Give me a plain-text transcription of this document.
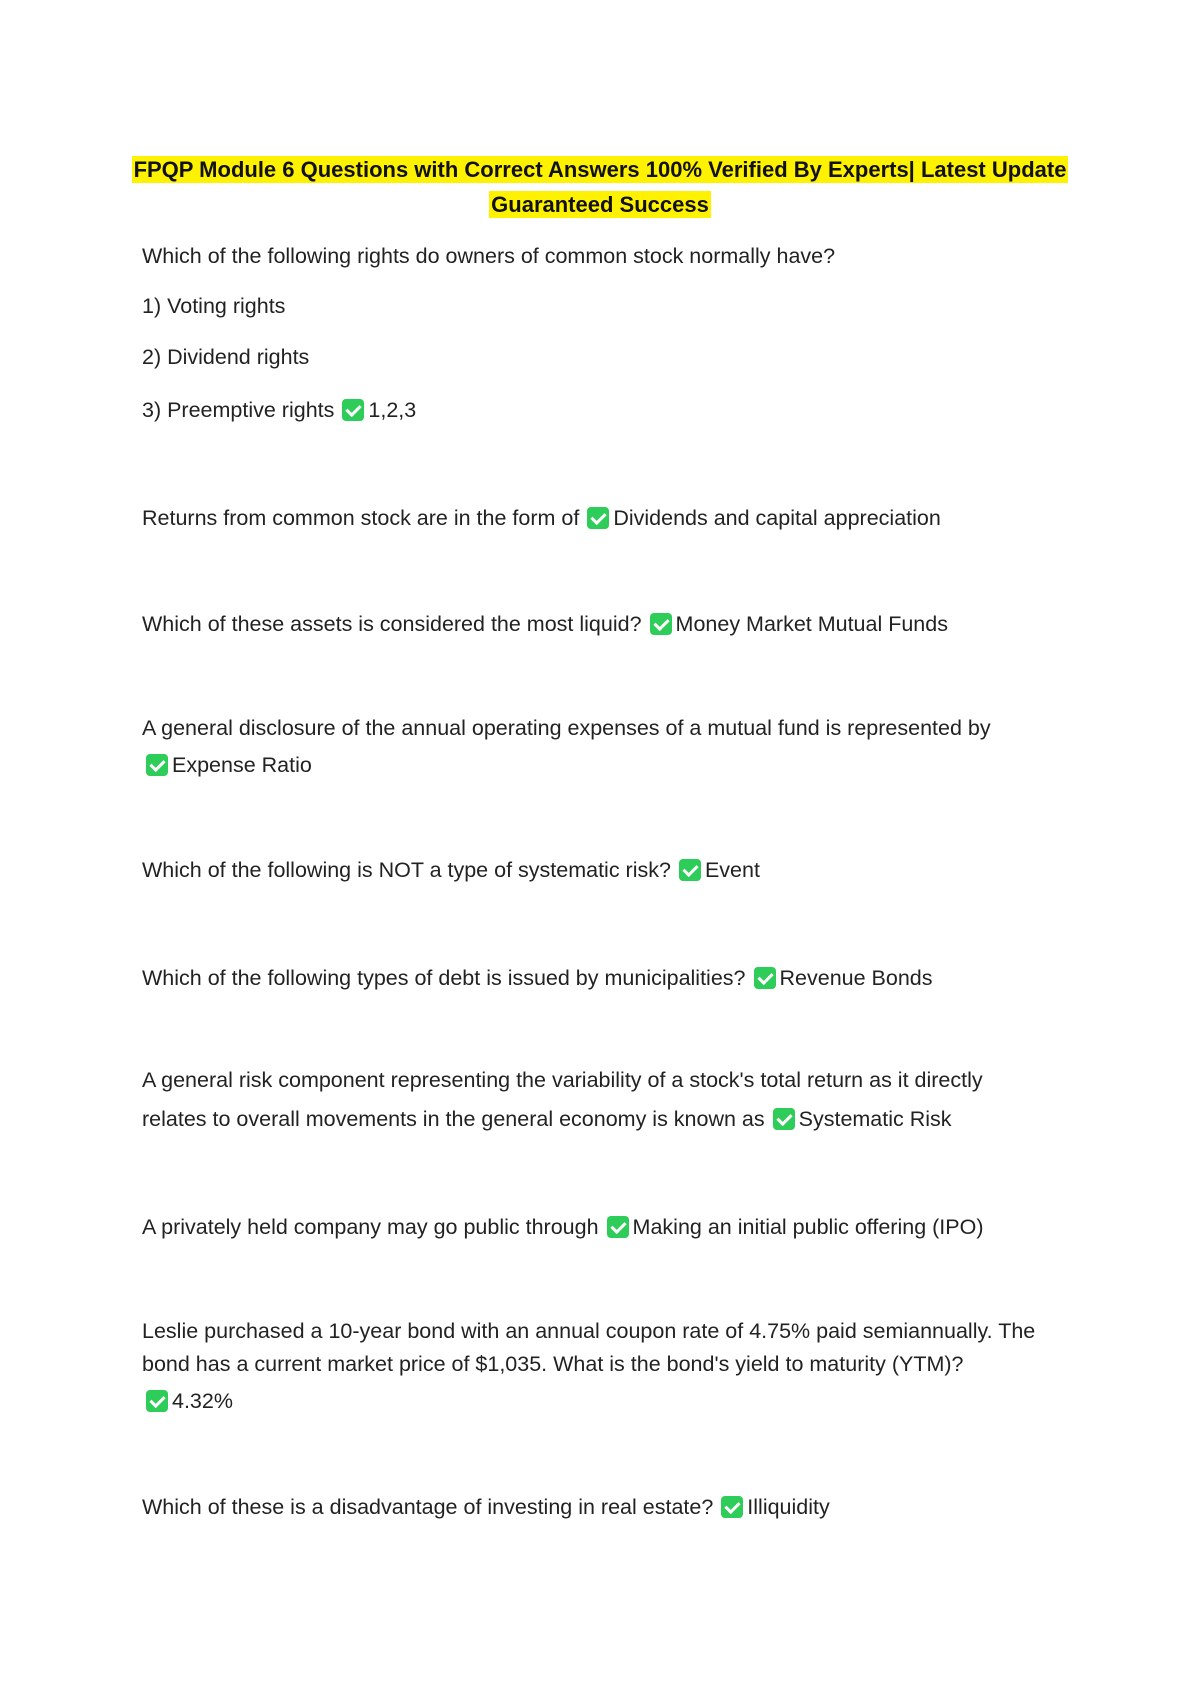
FPQP Module 6 Questions with Correct Answers 100% Verified By Experts| Latest Update
Guaranteed Success
Which of the following rights do owners of common stock normally have?
1) Voting rights
2) Dividend rights
3) Preemptive rights 1,2,3
Returns from common stock are in the form of Dividends and capital appreciation
Which of these assets is considered the most liquid? Money Market Mutual Funds
A general disclosure of the annual operating expenses of a mutual fund is represented by
Expense Ratio
Which of the following is NOT a type of systematic risk? Event
Which of the following types of debt is issued by municipalities? Revenue Bonds
A general risk component representing the variability of a stock's total return as it directly
relates to overall movements in the general economy is known as Systematic Risk
A privately held company may go public through Making an initial public offering (IPO)
Leslie purchased a 10-year bond with an annual coupon rate of 4.75% paid semiannually. The
bond has a current market price of $1,035. What is the bond's yield to maturity (YTM)?
4.32%
Which of these is a disadvantage of investing in real estate? Illiquidity
